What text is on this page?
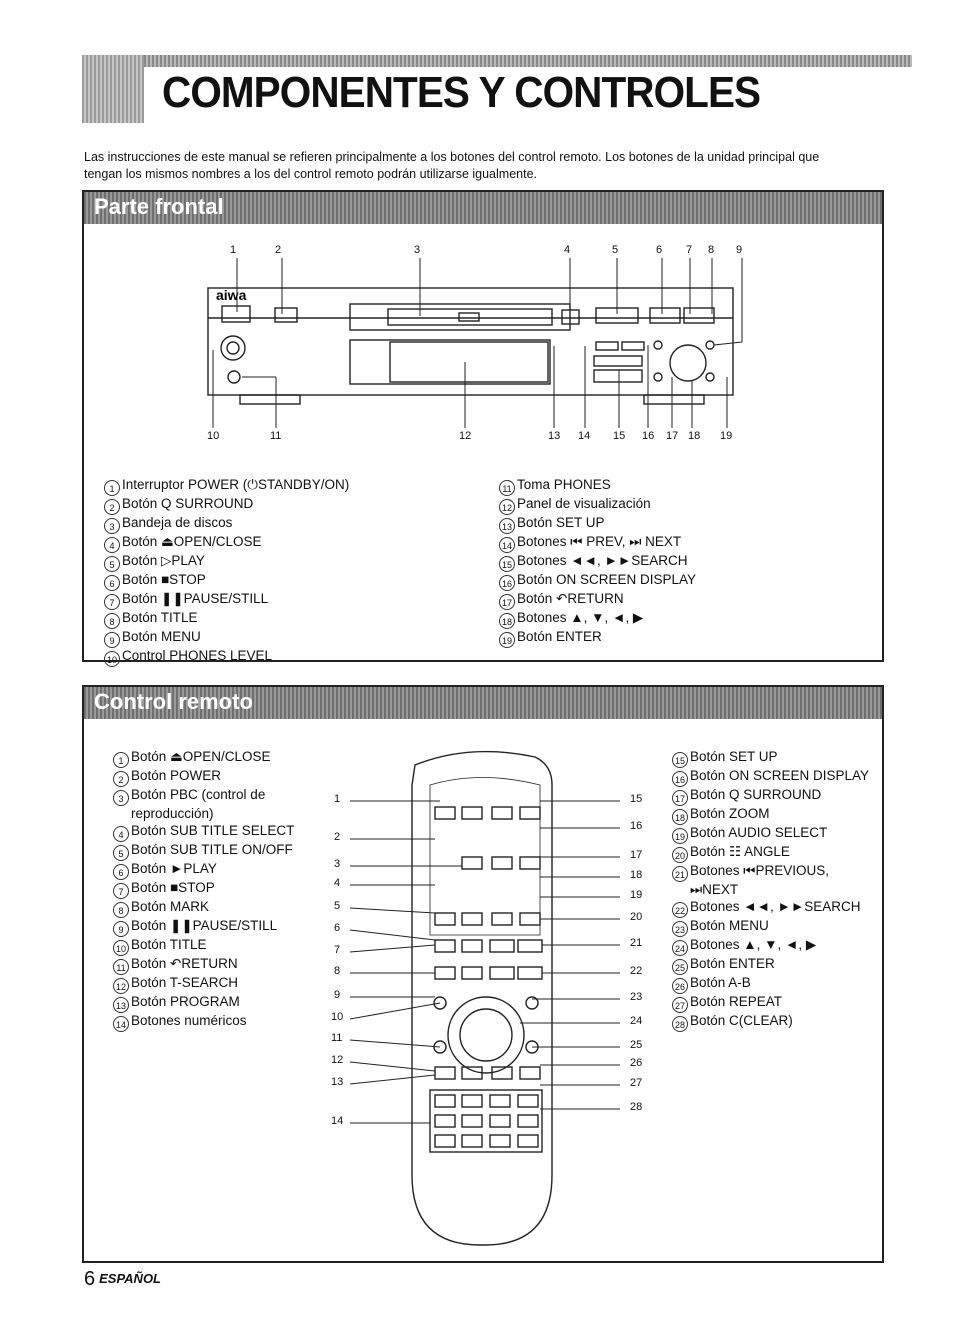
COMPONENTES Y CONTROLES
Las instrucciones de este manual se refieren principalmente a los botones del control remoto. Los botones de la unidad principal que
tengan los mismos nombres a los del control remoto podrán utilizarse igualmente.
Parte frontal
aiwa
1	2	3	4	5	6 7 8 9
10	11	12	13 14 15 16 17 18 19
1 Interruptor POWER (⏻STANDBY/ON)
2 Botón Q SURROUND
3 Bandeja de discos
4 Botón ⏏OPEN/CLOSE
5 Botón ▷PLAY
6 Botón ■STOP
7 Botón ❚❚PAUSE/STILL
8 Botón TITLE
9 Botón MENU
10 Control PHONES LEVEL
11 Toma PHONES
12 Panel de visualización
13 Botón SET UP
14 Botones ⏮ PREV, ⏭ NEXT
15 Botones ◄◄, ►►SEARCH
16 Botón ON SCREEN DISPLAY
17 Botón ↶RETURN
18 Botones ▲, ▼, ◄, ▶
19 Botón ENTER
Control remoto
1 Botón ⏏OPEN/CLOSE
2 Botón POWER
3 Botón PBC (control de
reproducción)
4 Botón SUB TITLE SELECT
5 Botón SUB TITLE ON/OFF
6 Botón ►PLAY
7 Botón ■STOP
8 Botón MARK
9 Botón ❚❚PAUSE/STILL
10 Botón TITLE
11 Botón ↶RETURN
12 Botón T-SEARCH
13 Botón PROGRAM
14 Botones numéricos
15 Botón SET UP
16 Botón ON SCREEN DISPLAY
17 Botón Q SURROUND
18 Botón ZOOM
19 Botón AUDIO SELECT
20 Botón ☷ ANGLE
21 Botones ⏮PREVIOUS,
⏭NEXT
22 Botones ◄◄, ►►SEARCH
23 Botón MENU
24 Botones ▲, ▼, ◄, ▶
25 Botón ENTER
26 Botón A-B
27 Botón REPEAT
28 Botón C(CLEAR)
1
2
3
4
5
6
7
8
9
10
11
12
13
14
15
16
17
18
19
20
21
22
23
24
25
26
27
28
6 ESPAÑOL
